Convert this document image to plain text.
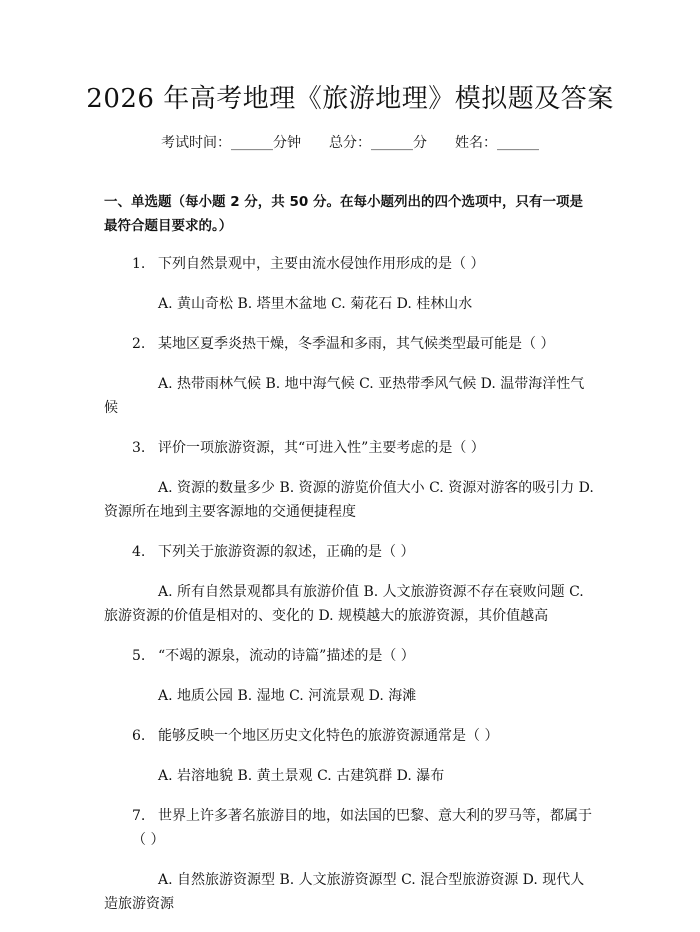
2026 年高考地理《旅游地理》模拟题及答案
考试时间：______分钟 总分：______分 姓名：______

一、单选题（每小题 2 分，共 50 分。在每小题列出的四个选项中，只有一项是最符合题目要求的。）

1. 下列自然景观中，主要由流水侵蚀作用形成的是（ ）

A. 黄山奇松 B. 塔里木盆地 C. 菊花石 D. 桂林山水

2. 某地区夏季炎热干燥，冬季温和多雨，其气候类型最可能是（ ）

A. 热带雨林气候 B. 地中海气候 C. 亚热带季风气候 D. 温带海洋性气候

3. 评价一项旅游资源，其“可进入性”主要考虑的是（ ）

A. 资源的数量多少 B. 资源的游览价值大小 C. 资源对游客的吸引力 D. 资源所在地到主要客源地的交通便捷程度

4. 下列关于旅游资源的叙述，正确的是（ ）

A. 所有自然景观都具有旅游价值 B. 人文旅游资源不存在衰败问题 C. 旅游资源的价值是相对的、变化的 D. 规模越大的旅游资源，其价值越高

5. “不竭的源泉，流动的诗篇”描述的是（ ）

A. 地质公园 B. 湿地 C. 河流景观 D. 海滩

6. 能够反映一个地区历史文化特色的旅游资源通常是（ ）

A. 岩溶地貌 B. 黄土景观 C. 古建筑群 D. 瀑布

7. 世界上许多著名旅游目的地，如法国的巴黎、意大利的罗马等，都属于（ ）

A. 自然旅游资源型 B. 人文旅游资源型 C. 混合型旅游资源 D. 现代人造旅游资源
